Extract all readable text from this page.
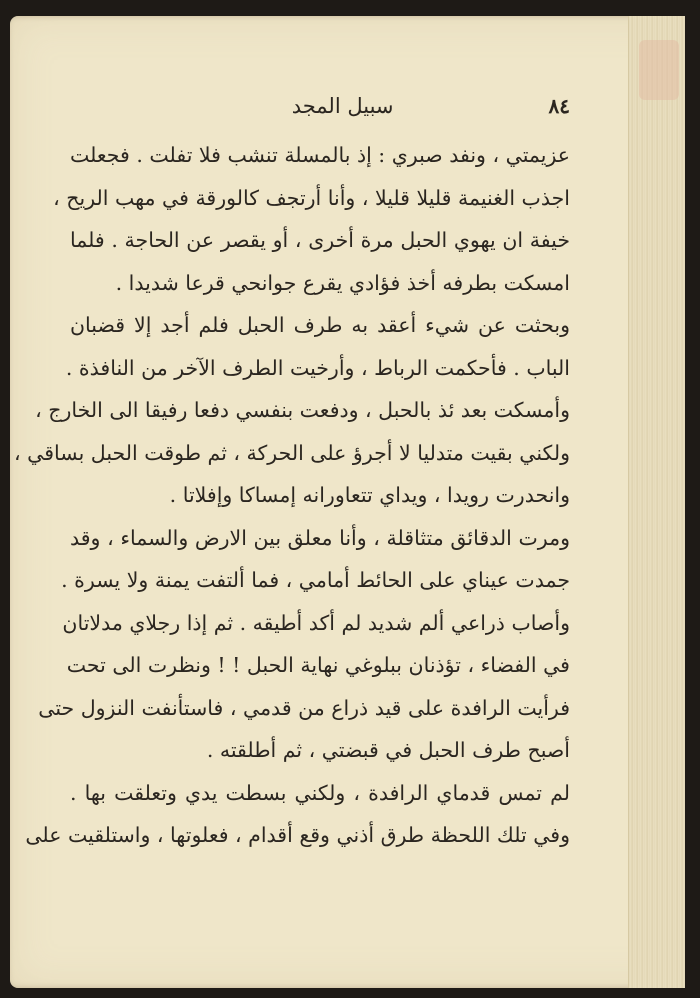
٨٤
سبيل المجد
عزيمتي ، ونفد صبري : إذ بالمسلة تنشب فلا تفلت . فجعلت
اجذب الغنيمة قليلا قليلا ، وأنا أرتجف كالورقة في مهب الريح ،
خيفة ان يهوي الحبل مرة أخرى ، أو يقصر عن الحاجة . فلما
امسكت بطرفه أخذ فؤادي يقرع جوانحي قرعا شديدا .
وبحثت عن شيء أعقد به طرف الحبل فلم أجد إلا قضبان
الباب . فأحكمت الرباط ، وأرخيت الطرف الآخر من النافذة .
وأمسكت بعد ئذ بالحبل ، ودفعت بنفسي دفعا رفيقا الى الخارج ،
ولكني بقيت متدليا لا أجرؤ على الحركة ، ثم طوقت الحبل بساقي ،
وانحدرت رويدا ، ويداي تتعاورانه إمساكا وإفلاتا .
ومرت الدقائق متثاقلة ، وأنا معلق بين الارض والسماء ، وقد
جمدت عيناي على الحائط أمامي ، فما ألتفت يمنة ولا يسرة .
وأصاب ذراعي ألم شديد لم أكد أطيقه . ثم إذا رجلاي مدلاتان
في الفضاء ، تؤذنان ببلوغي نهاية الحبل ! ! ونظرت الى تحت
فرأيت الرافدة على قيد ذراع من قدمي ، فاستأنفت النزول حتى
أصبح طرف الحبل في قبضتي ، ثم أطلقته .
لم تمس قدماي الرافدة ، ولكني بسطت يدي وتعلقت بها .
وفي تلك اللحظة طرق أذني وقع أقدام ، فعلوتها ، واستلقيت على
